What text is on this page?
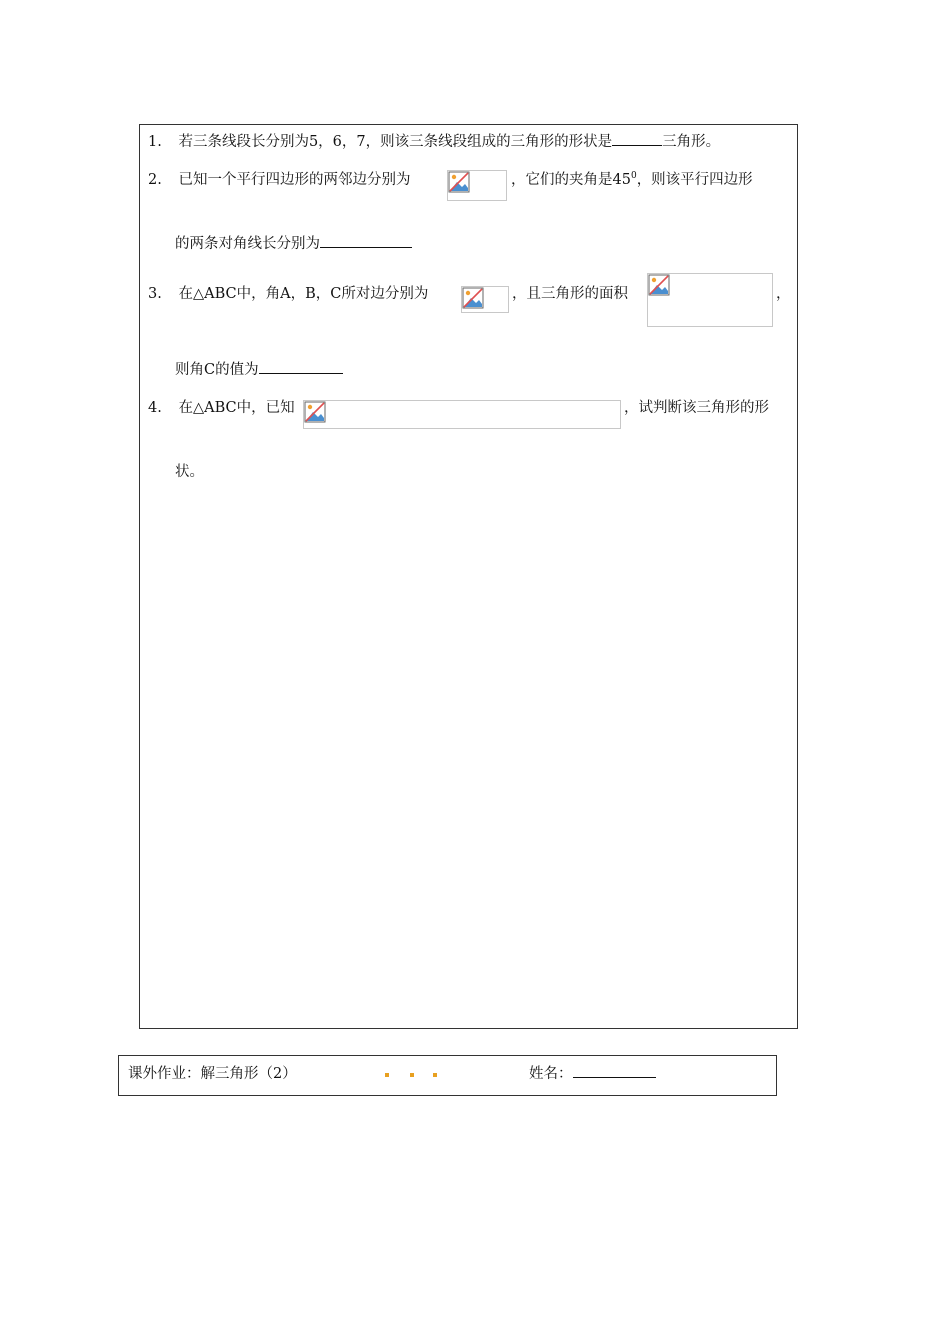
1. 若三条线段长分别为5，6，7，则该三条线段组成的三角形的形状是	三角形。
2. 已知一个平行四边形的两邻边分别为	，它们的夹角是$45^0$，则该平行四边形
的两条对角线长分别为
3. 在△ABC中，角A，B，C所对边分别为	，且三角形的面积	，
则角C的值为
4. 在△ABC中，已知	，试判断该三角形的形
状。
课外作业：解三角形（2）	姓名：
